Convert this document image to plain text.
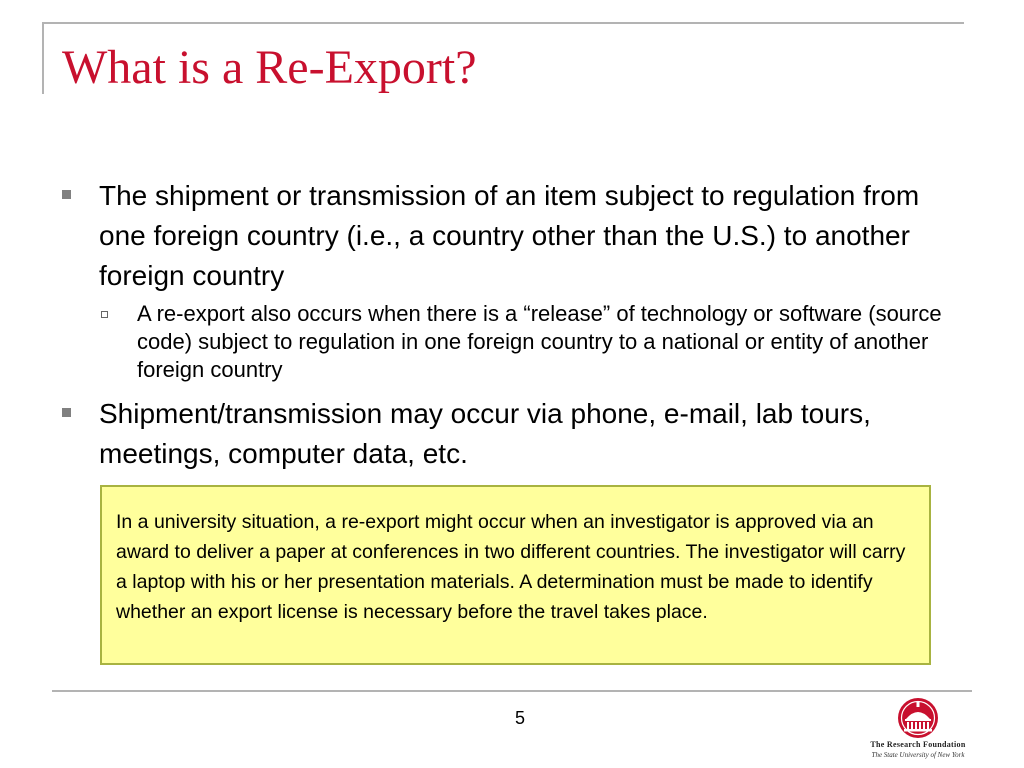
What is a Re-Export?
The shipment or transmission of an item subject to regulation from one foreign country (i.e., a country other than the U.S.) to another foreign country
A re-export also occurs when there is a “release” of technology or software (source code) subject to regulation in one foreign country to a national or entity of another foreign country
Shipment/transmission may occur via phone, e-mail, lab tours, meetings, computer data, etc.
In a university situation, a re-export might occur when an investigator is approved via an award to deliver a paper at conferences in two different countries. The investigator will carry a laptop with his or her presentation materials. A determination must be made to identify whether an export license is necessary before the travel takes place.
5
The Research Foundation
The State University of New York
